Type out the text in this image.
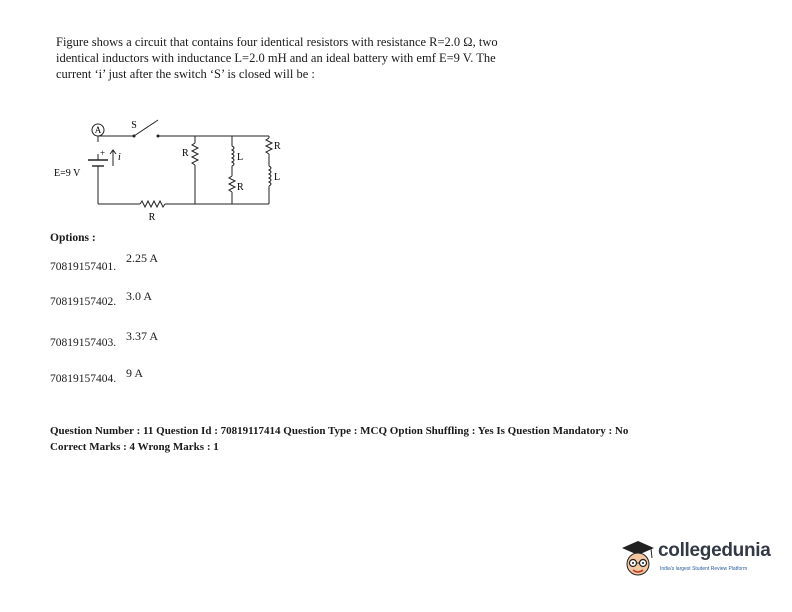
Figure shows a circuit that contains four identical resistors with resistance R=2.0 Ω, two
identical inductors with inductance L=2.0 mH and an ideal battery with emf E=9 V. The
current ‘i’ just after the switch ‘S’ is closed will be :
A	S
E=9 V
+ i
R
R	L
R
R
L
Options :
70819157401.
2.25 A
70819157402. 3.0 A
70819157403. 3.37 A
70819157404. 9 A
Question Number : 11 Question Id : 70819117414 Question Type : MCQ Option Shuffling : Yes Is Question Mandatory : No
Correct Marks : 4 Wrong Marks : 1
collegedunia
India's largest Student Review Platform
